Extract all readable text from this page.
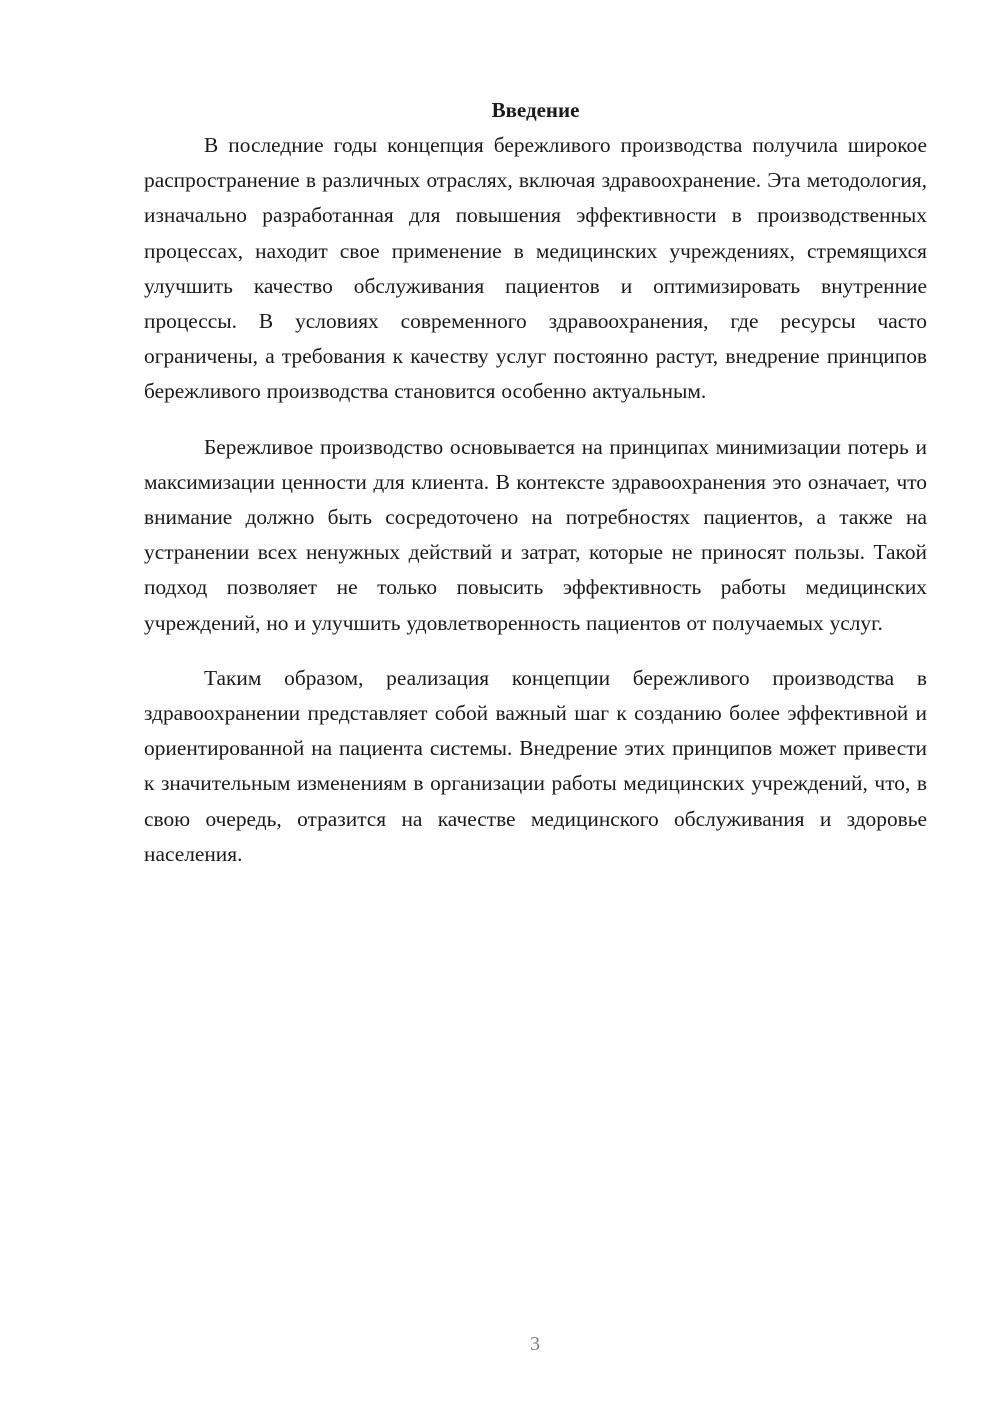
Введение

В последние годы концепция бережливого производства получила широкое распространение в различных отраслях, включая здравоохранение. Эта методология, изначально разработанная для повышения эффективности в производственных процессах, находит свое применение в медицинских учреждениях, стремящихся улучшить качество обслуживания пациентов и оптимизировать внутренние процессы. В условиях современного здравоохранения, где ресурсы часто ограничены, а требования к качеству услуг постоянно растут, внедрение принципов бережливого производства становится особенно актуальным.

Бережливое производство основывается на принципах минимизации потерь и максимизации ценности для клиента. В контексте здравоохранения это означает, что внимание должно быть сосредоточено на потребностях пациентов, а также на устранении всех ненужных действий и затрат, которые не приносят пользы. Такой подход позволяет не только повысить эффективность работы медицинских учреждений, но и улучшить удовлетворенность пациентов от получаемых услуг.

Таким образом, реализация концепции бережливого производства в здравоохранении представляет собой важный шаг к созданию более эффективной и ориентированной на пациента системы. Внедрение этих принципов может привести к значительным изменениям в организации работы медицинских учреждений, что, в свою очередь, отразится на качестве медицинского обслуживания и здоровье населения.

3
